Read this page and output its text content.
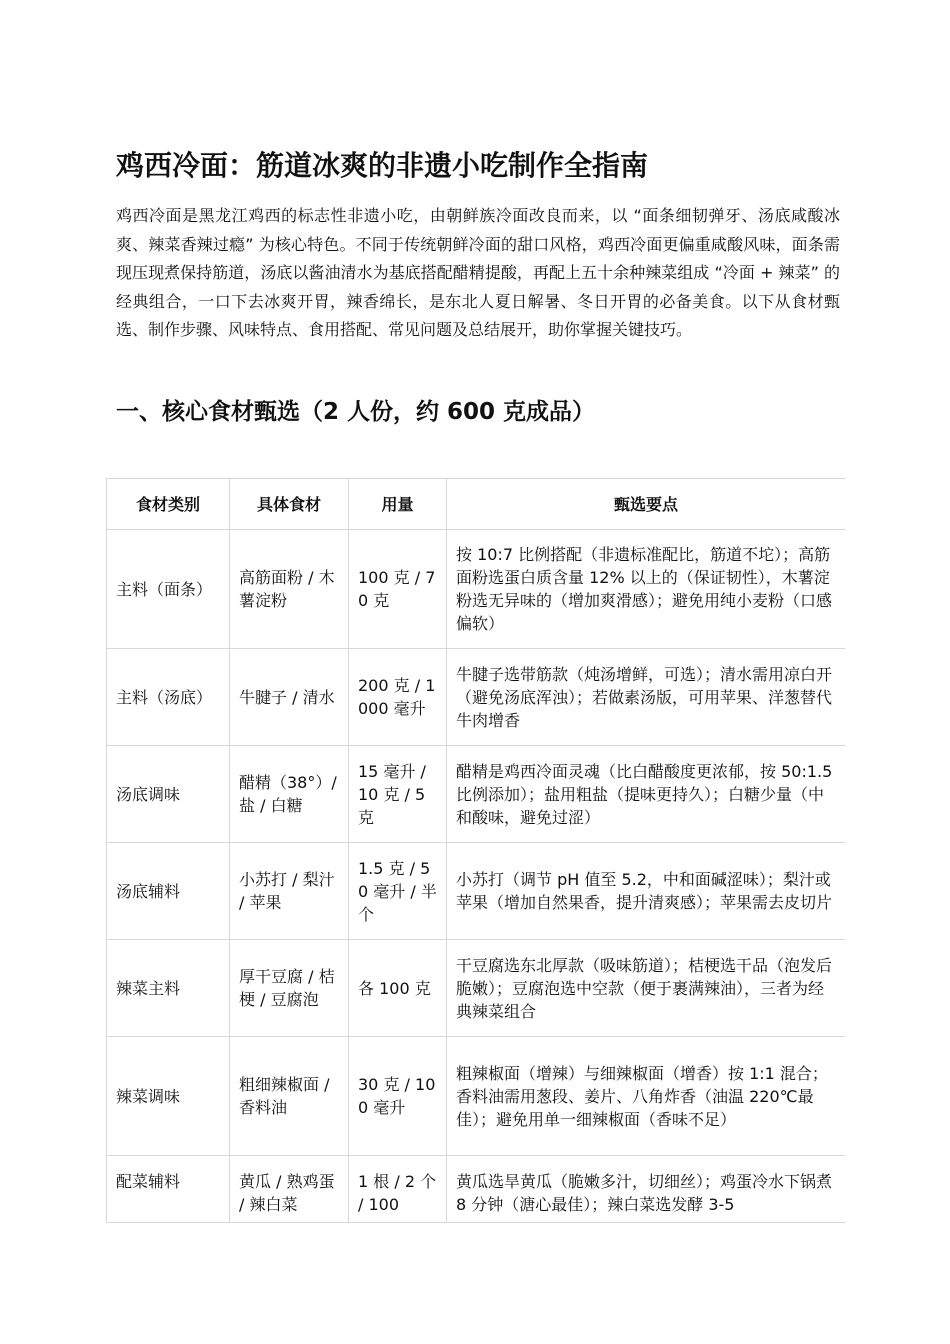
鸡西冷面：筋道冰爽的非遗小吃制作全指南

鸡西冷面是黑龙江鸡西的标志性非遗小吃，由朝鲜族冷面改良而来，以 “面条细韧弹牙、汤底咸酸冰爽、辣菜香辣过瘾” 为核心特色。不同于传统朝鲜冷面的甜口风格，鸡西冷面更偏重咸酸风味，面条需现压现煮保持筋道，汤底以酱油清水为基底搭配醋精提酸，再配上五十余种辣菜组成 “冷面 + 辣菜” 的经典组合，一口下去冰爽开胃，辣香绵长，是东北人夏日解暑、冬日开胃的必备美食。以下从食材甄选、制作步骤、风味特点、食用搭配、常见问题及总结展开，助你掌握关键技巧。

一、核心食材甄选（2 人份，约 600 克成品）
食材类别	具体食材	用量	甄选要点
主料（面条）	高筋面粉 / 木薯淀粉	100 克 / 70 克	按 10:7 比例搭配（非遗标准配比，筋道不坨）；高筋面粉选蛋白质含量 12% 以上的（保证韧性），木薯淀粉选无异味的（增加爽滑感）；避免用纯小麦粉（口感偏软）
主料（汤底）	牛腱子 / 清水	200 克 / 1000 毫升	牛腱子选带筋款（炖汤增鲜，可选）；清水需用凉白开（避免汤底浑浊）；若做素汤版，可用苹果、洋葱替代牛肉增香
汤底调味	醋精（38°）/ 盐 / 白糖	15 毫升 / 10 克 / 5 克	醋精是鸡西冷面灵魂（比白醋酸度更浓郁，按 50:1.5 比例添加）；盐用粗盐（提味更持久）；白糖少量（中和酸味，避免过涩）
汤底辅料	小苏打 / 梨汁 / 苹果	1.5 克 / 50 毫升 / 半个	小苏打（调节 pH 值至 5.2，中和面碱涩味）；梨汁或苹果（增加自然果香，提升清爽感）；苹果需去皮切片
辣菜主料	厚干豆腐 / 桔梗 / 豆腐泡	各 100 克	干豆腐选东北厚款（吸味筋道）；桔梗选干品（泡发后脆嫩）；豆腐泡选中空款（便于裹满辣油），三者为经典辣菜组合
辣菜调味	粗细辣椒面 / 香料油	30 克 / 100 毫升	粗辣椒面（增辣）与细辣椒面（增香）按 1:1 混合；香料油需用葱段、姜片、八角炸香（油温 220℃最佳）；避免用单一细辣椒面（香味不足）
配菜辅料	黄瓜 / 熟鸡蛋 / 辣白菜	1 根 / 2 个 / 100	黄瓜选旱黄瓜（脆嫩多汁，切细丝）；鸡蛋冷水下锅煮 8 分钟（溏心最佳）；辣白菜选发酵 3-5
